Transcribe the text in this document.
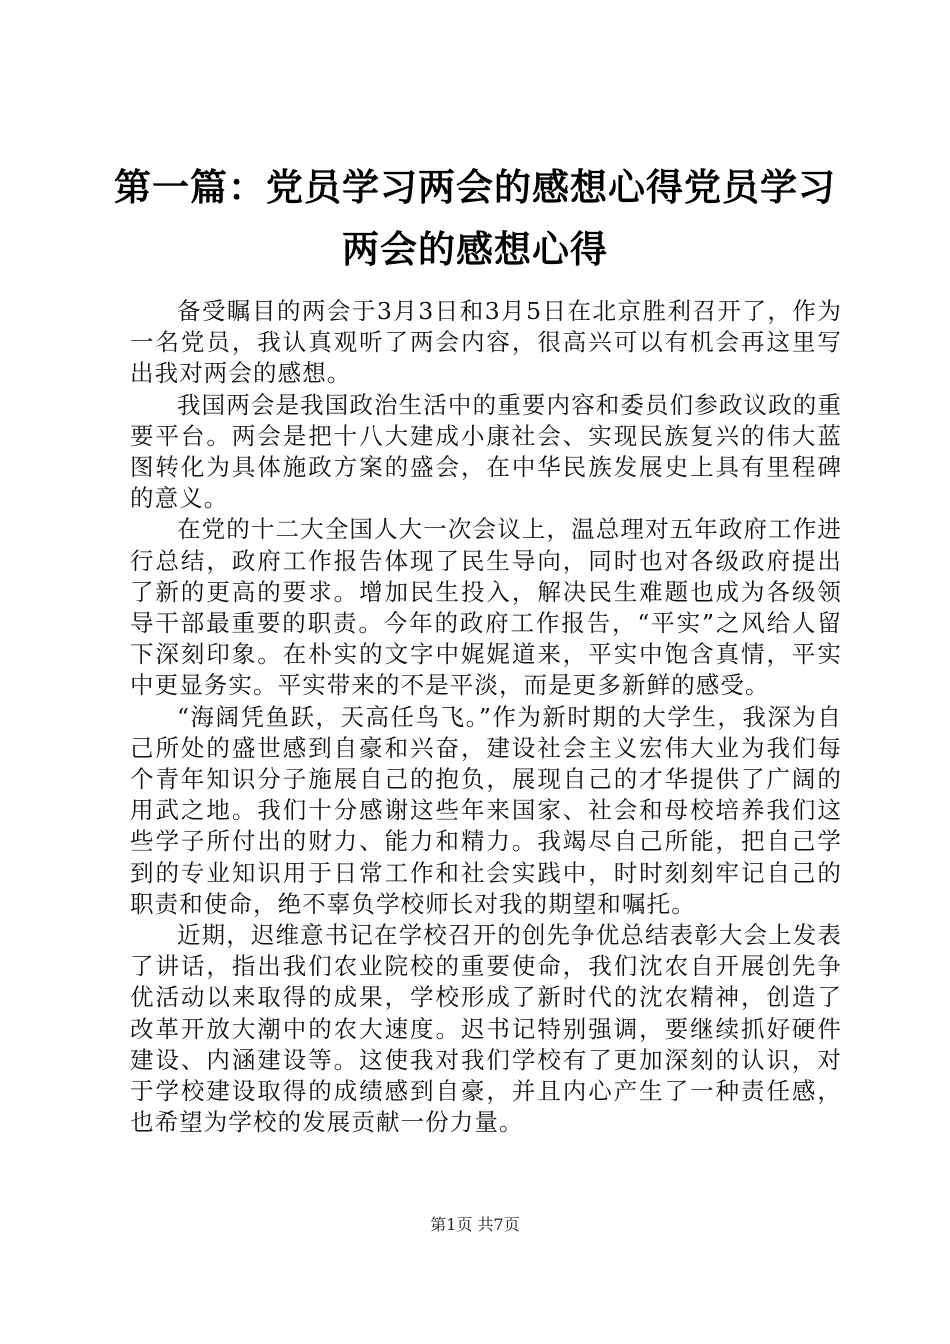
第一篇：党员学习两会的感想心得党员学习两会的感想心得

备受瞩目的两会于3月3日和3月5日在北京胜利召开了，作为一名党员，我认真观听了两会内容，很高兴可以有机会再这里写出我对两会的感想。

我国两会是我国政治生活中的重要内容和委员们参政议政的重要平台。两会是把十八大建成小康社会、实现民族复兴的伟大蓝图转化为具体施政方案的盛会，在中华民族发展史上具有里程碑的意义。

在党的十二大全国人大一次会议上，温总理对五年政府工作进行总结，政府工作报告体现了民生导向，同时也对各级政府提出了新的更高的要求。增加民生投入，解决民生难题也成为各级领导干部最重要的职责。今年的政府工作报告，“平实”之风给人留下深刻印象。在朴实的文字中娓娓道来，平实中饱含真情，平实中更显务实。平实带来的不是平淡，而是更多新鲜的感受。

“海阔凭鱼跃，天高任鸟飞。”作为新时期的大学生，我深为自己所处的盛世感到自豪和兴奋，建设社会主义宏伟大业为我们每个青年知识分子施展自己的抱负，展现自己的才华提供了广阔的用武之地。我们十分感谢这些年来国家、社会和母校培养我们这些学子所付出的财力、能力和精力。我竭尽自己所能，把自己学到的专业知识用于日常工作和社会实践中，时时刻刻牢记自己的职责和使命，绝不辜负学校师长对我的期望和嘱托。

近期，迟维意书记在学校召开的创先争优总结表彰大会上发表了讲话，指出我们农业院校的重要使命，我们沈农自开展创先争优活动以来取得的成果，学校形成了新时代的沈农精神，创造了改革开放大潮中的农大速度。迟书记特别强调，要继续抓好硬件建设、内涵建设等。这使我对我们学校有了更加深刻的认识，对于学校建设取得的成绩感到自豪，并且内心产生了一种责任感，也希望为学校的发展贡献一份力量。

第1页 共7页
